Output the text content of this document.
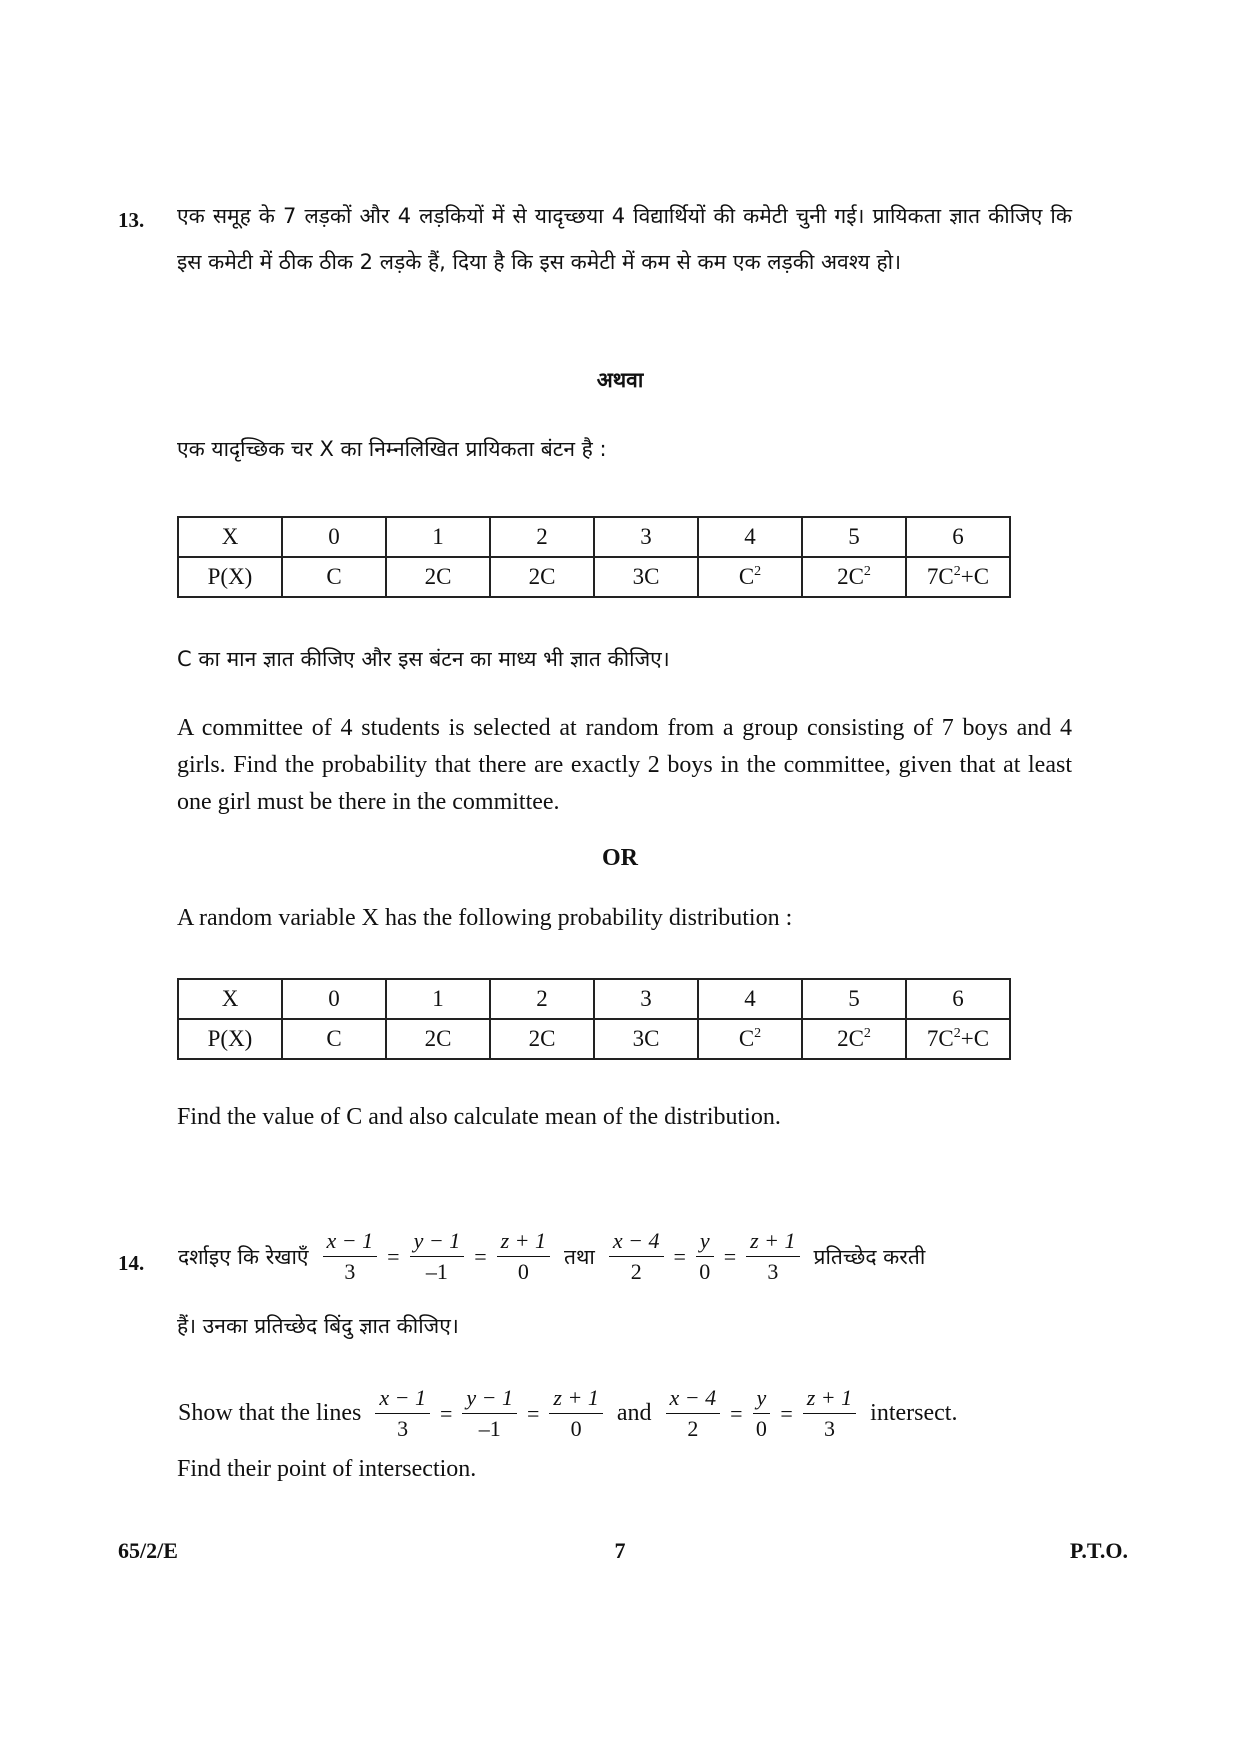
13. एक समूह के 7 लड़कों और 4 लड़कियों में से यादृच्छया 4 विद्यार्थियों की कमेटी चुनी गई। प्रायिकता ज्ञात कीजिए कि इस कमेटी में ठीक ठीक 2 लड़के हैं, दिया है कि इस कमेटी में कम से कम एक लड़की अवश्य हो।
अथवा
एक यादृच्छिक चर X का निम्नलिखित प्रायिकता बंटन है :
X	0	1	2	3	4	5	6
P(X)	C	2C	2C	3C	$C^2$	$2C^2$	$7C^2+C$
C का मान ज्ञात कीजिए और इस बंटन का माध्य भी ज्ञात कीजिए।
A committee of 4 students is selected at random from a group consisting of 7 boys and 4 girls. Find the probability that there are exactly 2 boys in the committee, given that at least one girl must be there in the committee.
OR
A random variable X has the following probability distribution :
X	0	1	2	3	4	5	6
P(X)	C	2C	2C	3C	$C^2$	$2C^2$	$7C^2+C$
Find the value of C and also calculate mean of the distribution.
14. दर्शाइए कि रेखाएँ $\frac{x - 1}{3} = \frac{y - 1}{-1} = \frac{z + 1}{0}$ तथा $\frac{x - 4}{2} = \frac{y}{0} = \frac{z + 1}{3}$ प्रतिच्छेद करती
हैं। उनका प्रतिच्छेद बिंदु ज्ञात कीजिए।
Show that the lines $\frac{x - 1}{3} = \frac{y - 1}{-1} = \frac{z + 1}{0}$ and $\frac{x - 4}{2} = \frac{y}{0} = \frac{z + 1}{3}$ intersect.
Find their point of intersection.
65/2/E	7	P.T.O.
